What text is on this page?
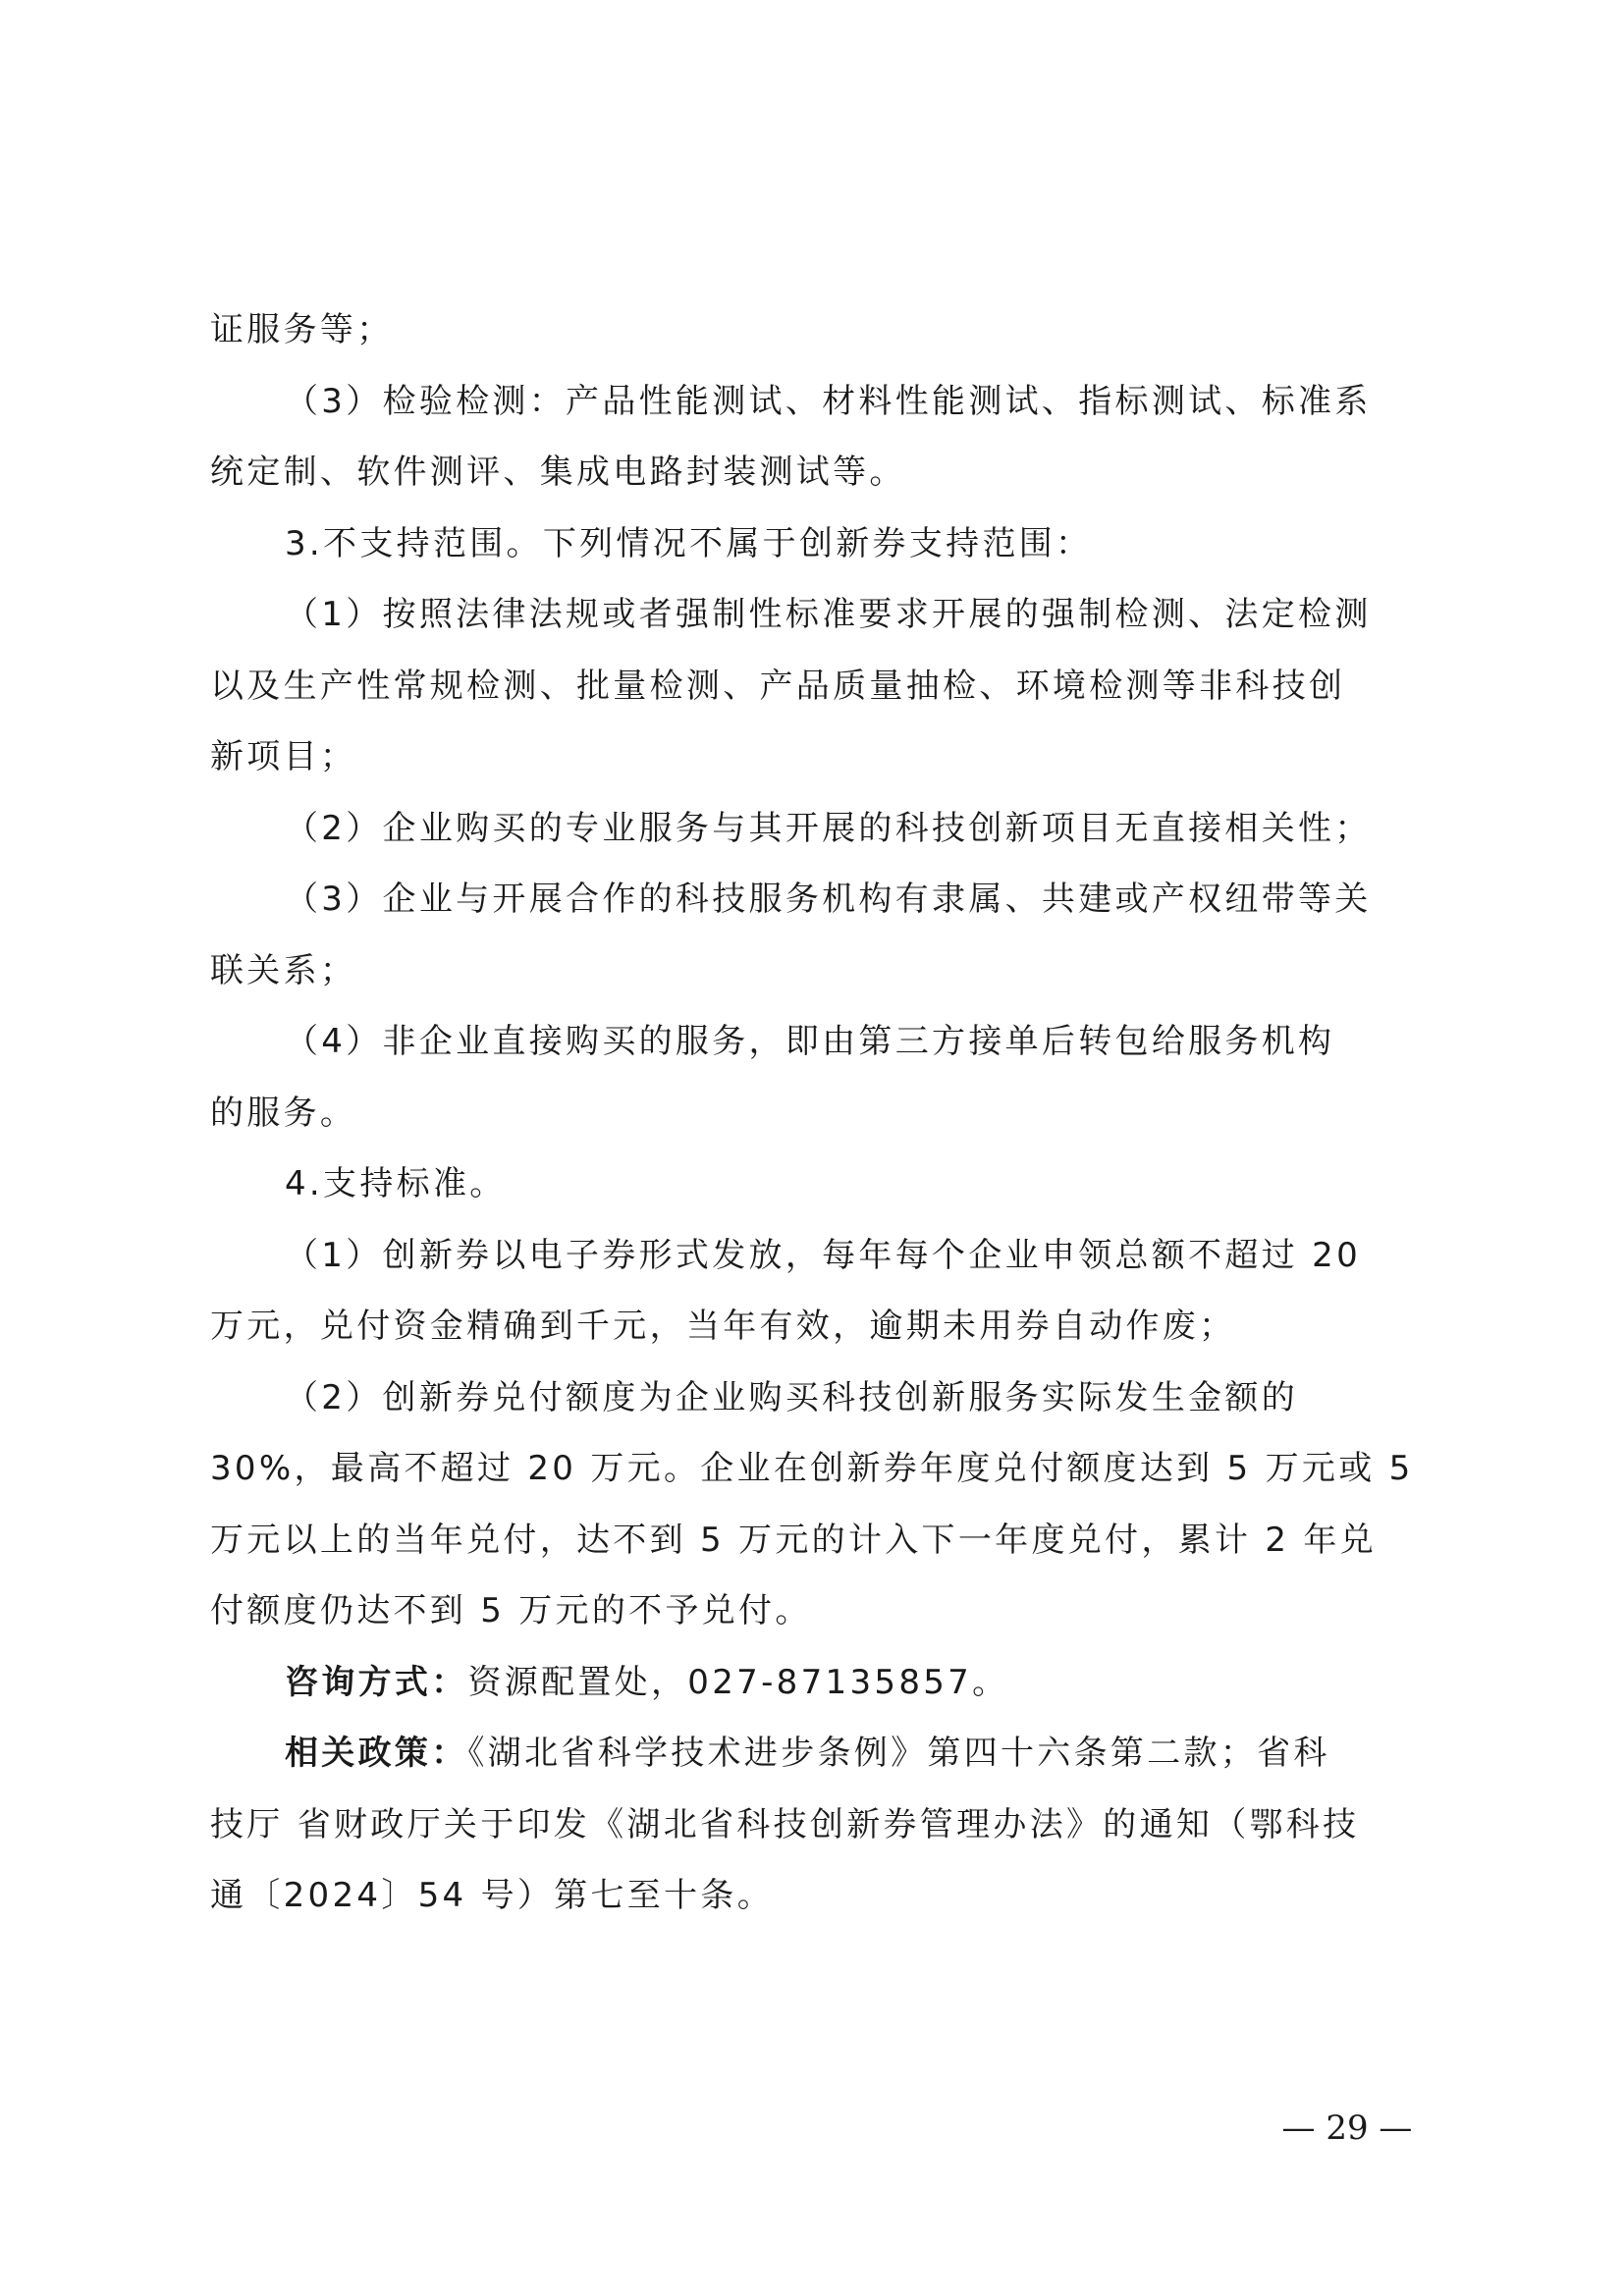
证服务等；
（3）检验检测：产品性能测试、材料性能测试、指标测试、标准系
统定制、软件测评、集成电路封装测试等。
3.不支持范围。下列情况不属于创新券支持范围：
（1）按照法律法规或者强制性标准要求开展的强制检测、法定检测
以及生产性常规检测、批量检测、产品质量抽检、环境检测等非科技创
新项目；
（2）企业购买的专业服务与其开展的科技创新项目无直接相关性；
（3）企业与开展合作的科技服务机构有隶属、共建或产权纽带等关
联关系；
（4）非企业直接购买的服务，即由第三方接单后转包给服务机构
的服务。
4.支持标准。
（1）创新券以电子券形式发放，每年每个企业申领总额不超过 20
万元，兑付资金精确到千元，当年有效，逾期未用券自动作废；
（2）创新券兑付额度为企业购买科技创新服务实际发生金额的
30%，最高不超过 20 万元。企业在创新券年度兑付额度达到 5 万元或 5
万元以上的当年兑付，达不到 5 万元的计入下一年度兑付，累计 2 年兑
付额度仍达不到 5 万元的不予兑付。
咨询方式：资源配置处，027-87135857。
相关政策：《湖北省科学技术进步条例》第四十六条第二款；省科
技厅 省财政厅关于印发《湖北省科技创新券管理办法》的通知（鄂科技
通〔2024〕54 号）第七至十条。
— 29 —
